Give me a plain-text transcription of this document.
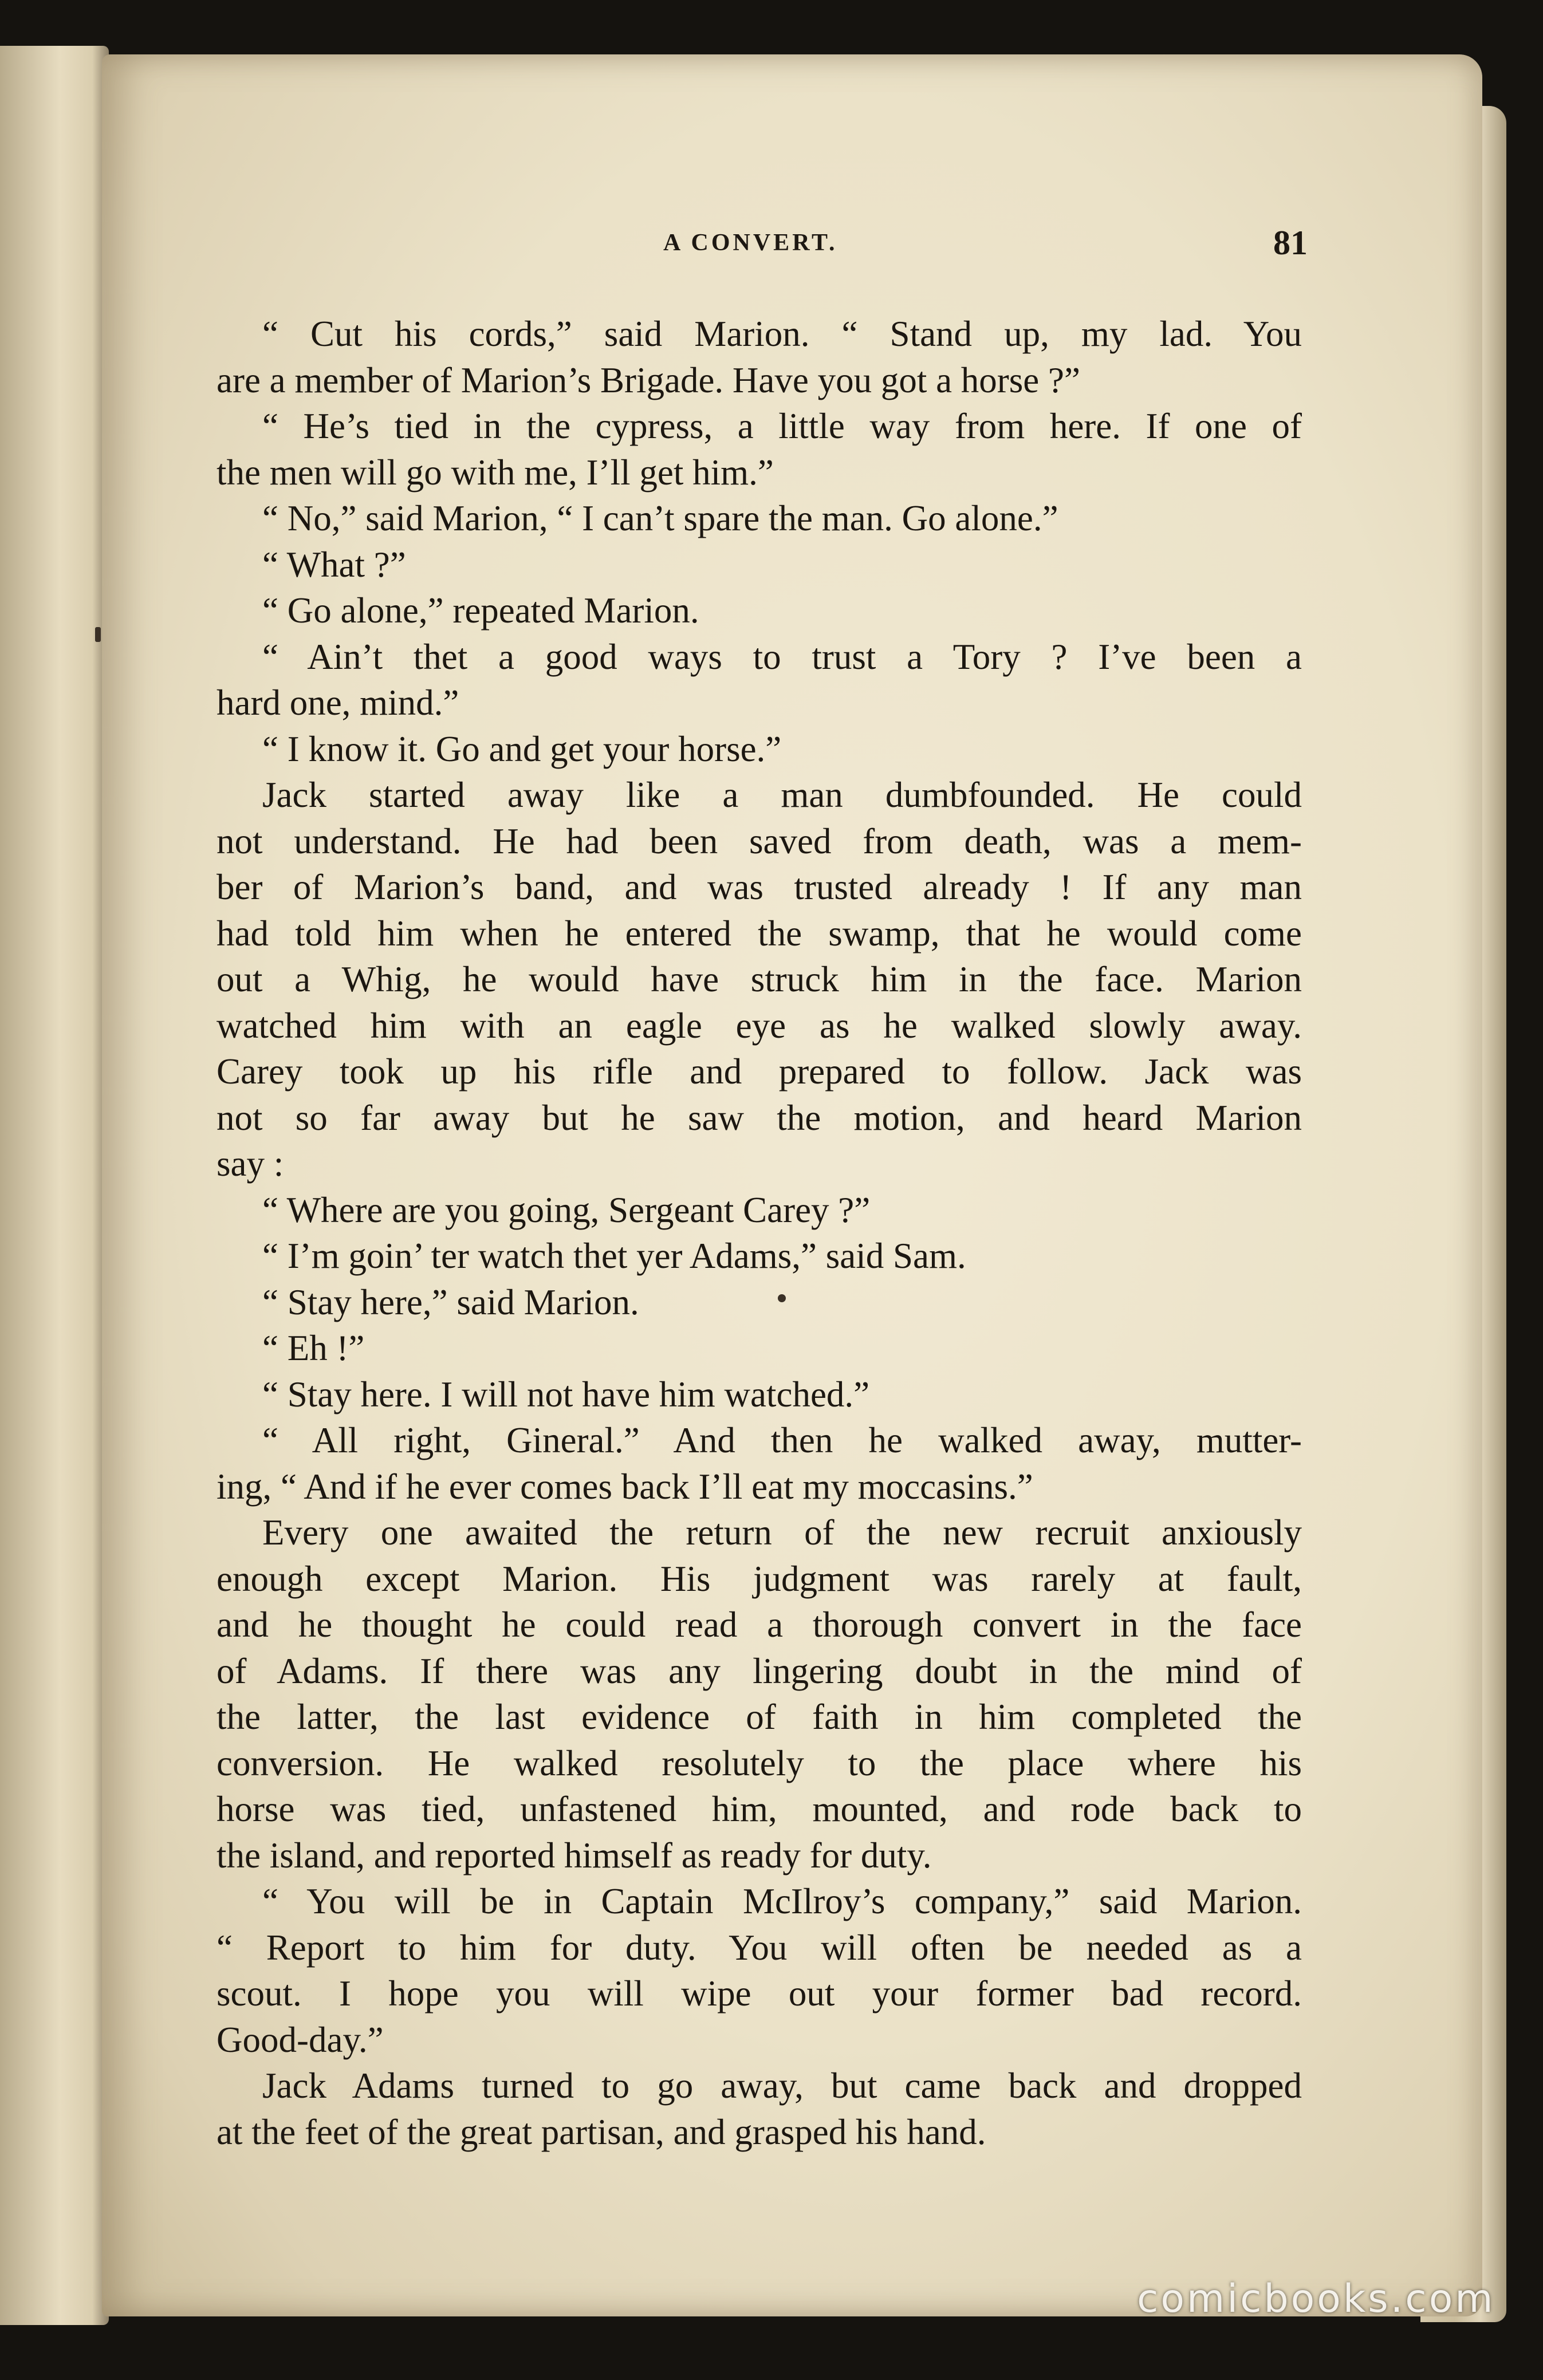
A CONVERT.	81

“ Cut his cords,” said Marion. “ Stand up, my lad. You
are a member of Marion’s Brigade. Have you got a horse ?”

“ He’s tied in the cypress, a little way from here. If one of
the men will go with me, I’ll get him.”

“ No,” said Marion, “ I can’t spare the man. Go alone.”

“ What ?”

“ Go alone,” repeated Marion.

“ Ain’t thet a good ways to trust a Tory ? I’ve been a
hard one, mind.”

“ I know it. Go and get your horse.”

Jack started away like a man dumbfounded. He could
not understand. He had been saved from death, was a mem-
ber of Marion’s band, and was trusted already ! If any man
had told him when he entered the swamp, that he would come
out a Whig, he would have struck him in the face. Marion
watched him with an eagle eye as he walked slowly away.
Carey took up his rifle and prepared to follow. Jack was
not so far away but he saw the motion, and heard Marion
say :

“ Where are you going, Sergeant Carey ?”

“ I’m goin’ ter watch thet yer Adams,” said Sam.

“ Stay here,” said Marion.

“ Eh !”

“ Stay here. I will not have him watched.”

“ All right, Gineral.” And then he walked away, mutter-
ing, “ And if he ever comes back I’ll eat my moccasins.”

Every one awaited the return of the new recruit anxiously
enough except Marion. His judgment was rarely at fault,
and he thought he could read a thorough convert in the face
of Adams. If there was any lingering doubt in the mind of
the latter, the last evidence of faith in him completed the
conversion. He walked resolutely to the place where his
horse was tied, unfastened him, mounted, and rode back to
the island, and reported himself as ready for duty.

“ You will be in Captain McIlroy’s company,” said Marion.
“ Report to him for duty. You will often be needed as a
scout. I hope you will wipe out your former bad record.
Good-day.”

Jack Adams turned to go away, but came back and dropped
at the feet of the great partisan, and grasped his hand.

comicbooks.com
